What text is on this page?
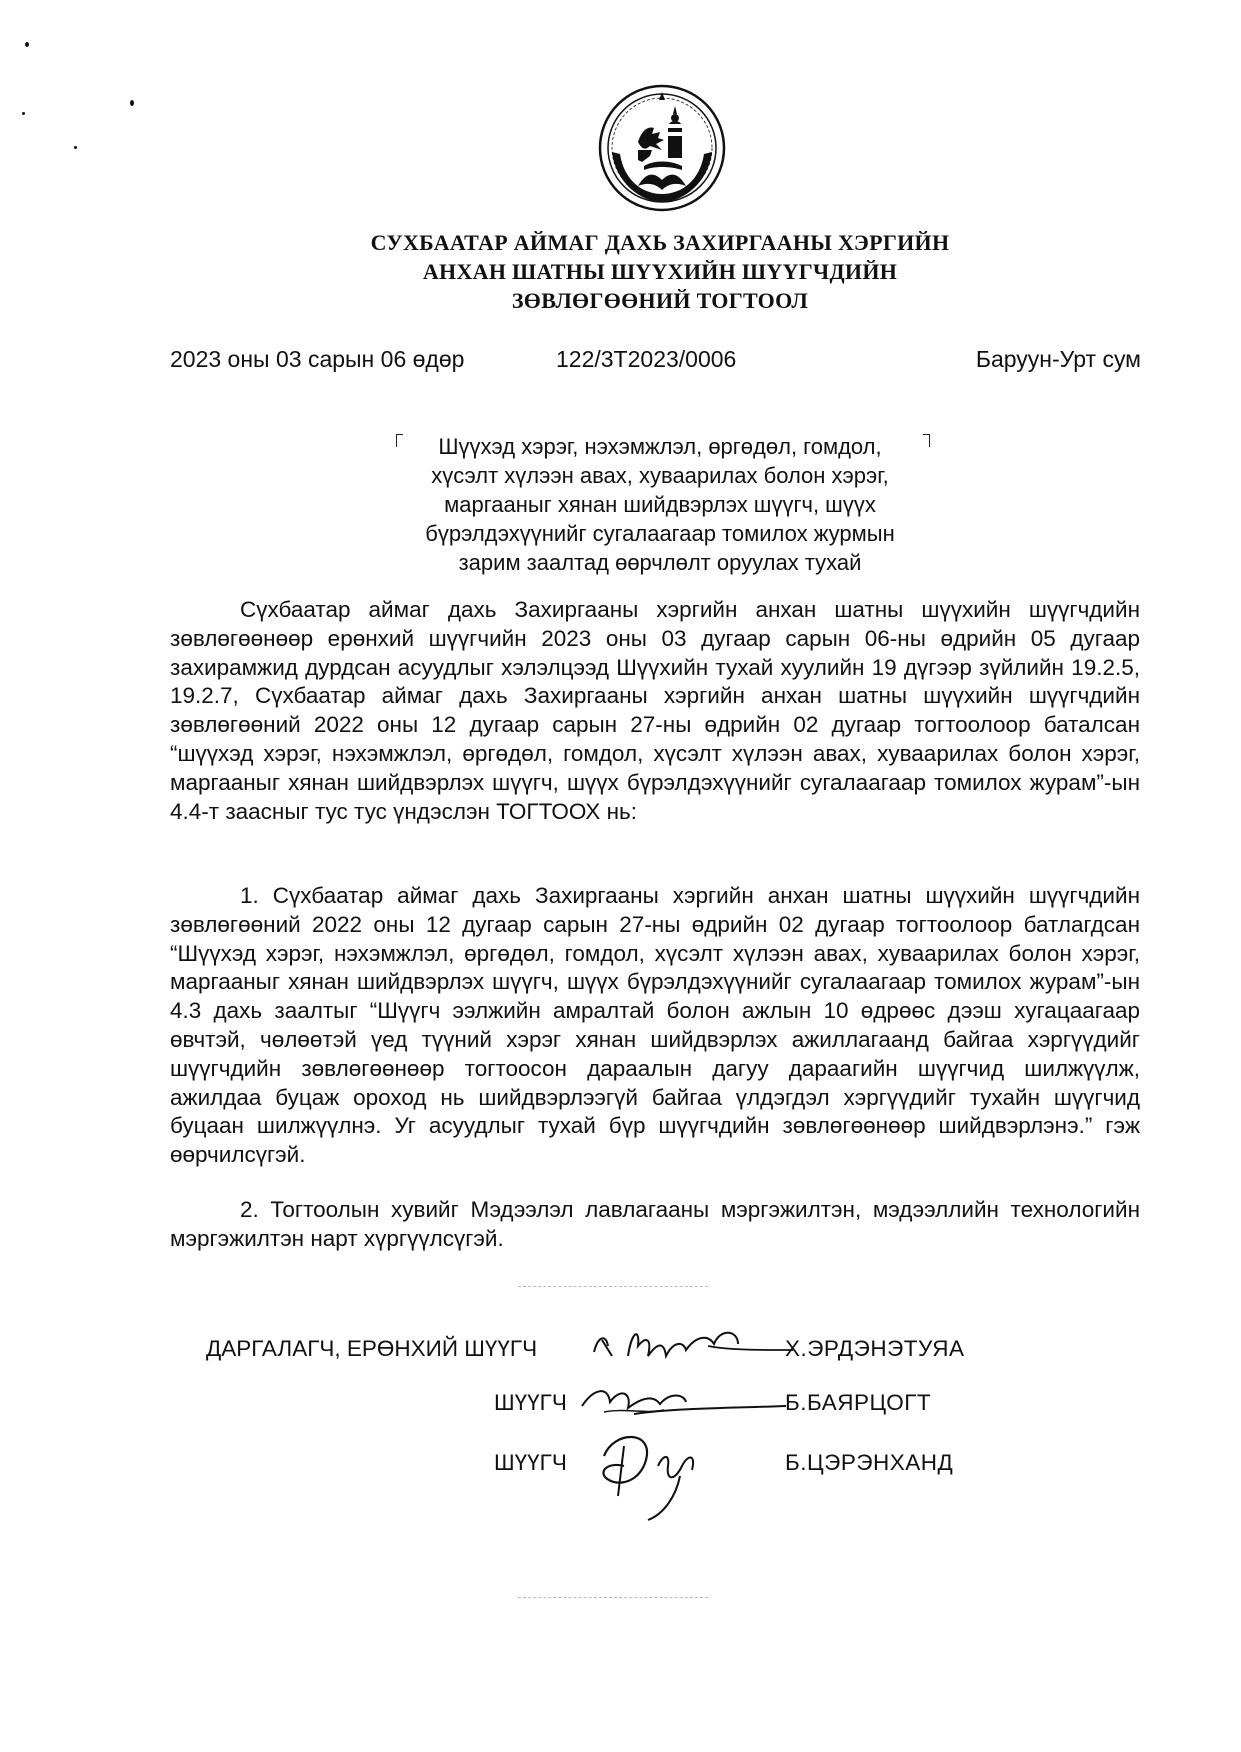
СУХБААТАР АЙМАГ ДАХЬ ЗАХИРГААНЫ ХЭРГИЙН
АНХАН ШАТНЫ ШҮҮХИЙН ШҮҮГЧДИЙН
ЗӨВЛӨГӨӨНИЙ ТОГТООЛ
2023 оны 03 сарын 06 өдөр	122/3Т2023/0006	Баруун-Урт сум
Шүүхэд хэрэг, нэхэмжлэл, өргөдөл, гомдол,
хүсэлт хүлээн авах, хуваарилах болон хэрэг,
маргааныг хянан шийдвэрлэх шүүгч, шүүх
бүрэлдэхүүнийг сугалаагаар томилох журмын
зарим заалтад өөрчлөлт оруулах тухай
Сүхбаатар аймаг дахь Захиргааны хэргийн анхан шатны шүүхийн шүүгчдийн зөвлөгөөнөөр ерөнхий шүүгчийн 2023 оны 03 дугаар сарын 06-ны өдрийн 05 дугаар захирамжид дурдсан асуудлыг хэлэлцээд Шүүхийн тухай хуулийн 19 дүгээр зүйлийн 19.2.5, 19.2.7, Сүхбаатар аймаг дахь Захиргааны хэргийн анхан шатны шүүхийн шүүгчдийн зөвлөгөөний 2022 оны 12 дугаар сарын 27-ны өдрийн 02 дугаар тогтоолоор баталсан “шүүхэд хэрэг, нэхэмжлэл, өргөдөл, гомдол, хүсэлт хүлээн авах, хуваарилах болон хэрэг, маргааныг хянан шийдвэрлэх шүүгч, шүүх бүрэлдэхүүнийг сугалаагаар томилох журам”-ын 4.4-т заасныг тус тус үндэслэн ТОГТООХ нь:
1. Сүхбаатар аймаг дахь Захиргааны хэргийн анхан шатны шүүхийн шүүгчдийн зөвлөгөөний 2022 оны 12 дугаар сарын 27-ны өдрийн 02 дугаар тогтоолоор батлагдсан “Шүүхэд хэрэг, нэхэмжлэл, өргөдөл, гомдол, хүсэлт хүлээн авах, хуваарилах болон хэрэг, маргааныг хянан шийдвэрлэх шүүгч, шүүх бүрэлдэхүүнийг сугалаагаар томилох журам”-ын 4.3 дахь заалтыг “Шүүгч ээлжийн амралтай болон ажлын 10 өдрөөс дээш хугацаагаар өвчтэй, чөлөөтэй үед түүний хэрэг хянан шийдвэрлэх ажиллагаанд байгаа хэргүүдийг шүүгчдийн зөвлөгөөнөөр тогтоосон дараалын дагуу дараагийн шүүгчид шилжүүлж, ажилдаа буцаж ороход нь шийдвэрлээгүй байгаа үлдэгдэл хэргүүдийг тухайн шүүгчид буцаан шилжүүлнэ. Уг асуудлыг тухай бүр шүүгчдийн зөвлөгөөнөөр шийдвэрлэнэ.” гэж өөрчилсүгэй.
2. Тогтоолын хувийг Мэдээлэл лавлагааны мэргэжилтэн, мэдээллийн технологийн мэргэжилтэн нарт хүргүүлсүгэй.
ДАРГАЛАГЧ, ЕРӨНХИЙ ШҮҮГЧ	Х.ЭРДЭНЭТУЯА
ШҮҮГЧ	Б.БАЯРЦОГТ
ШҮҮГЧ	Б.ЦЭРЭНХАНД
